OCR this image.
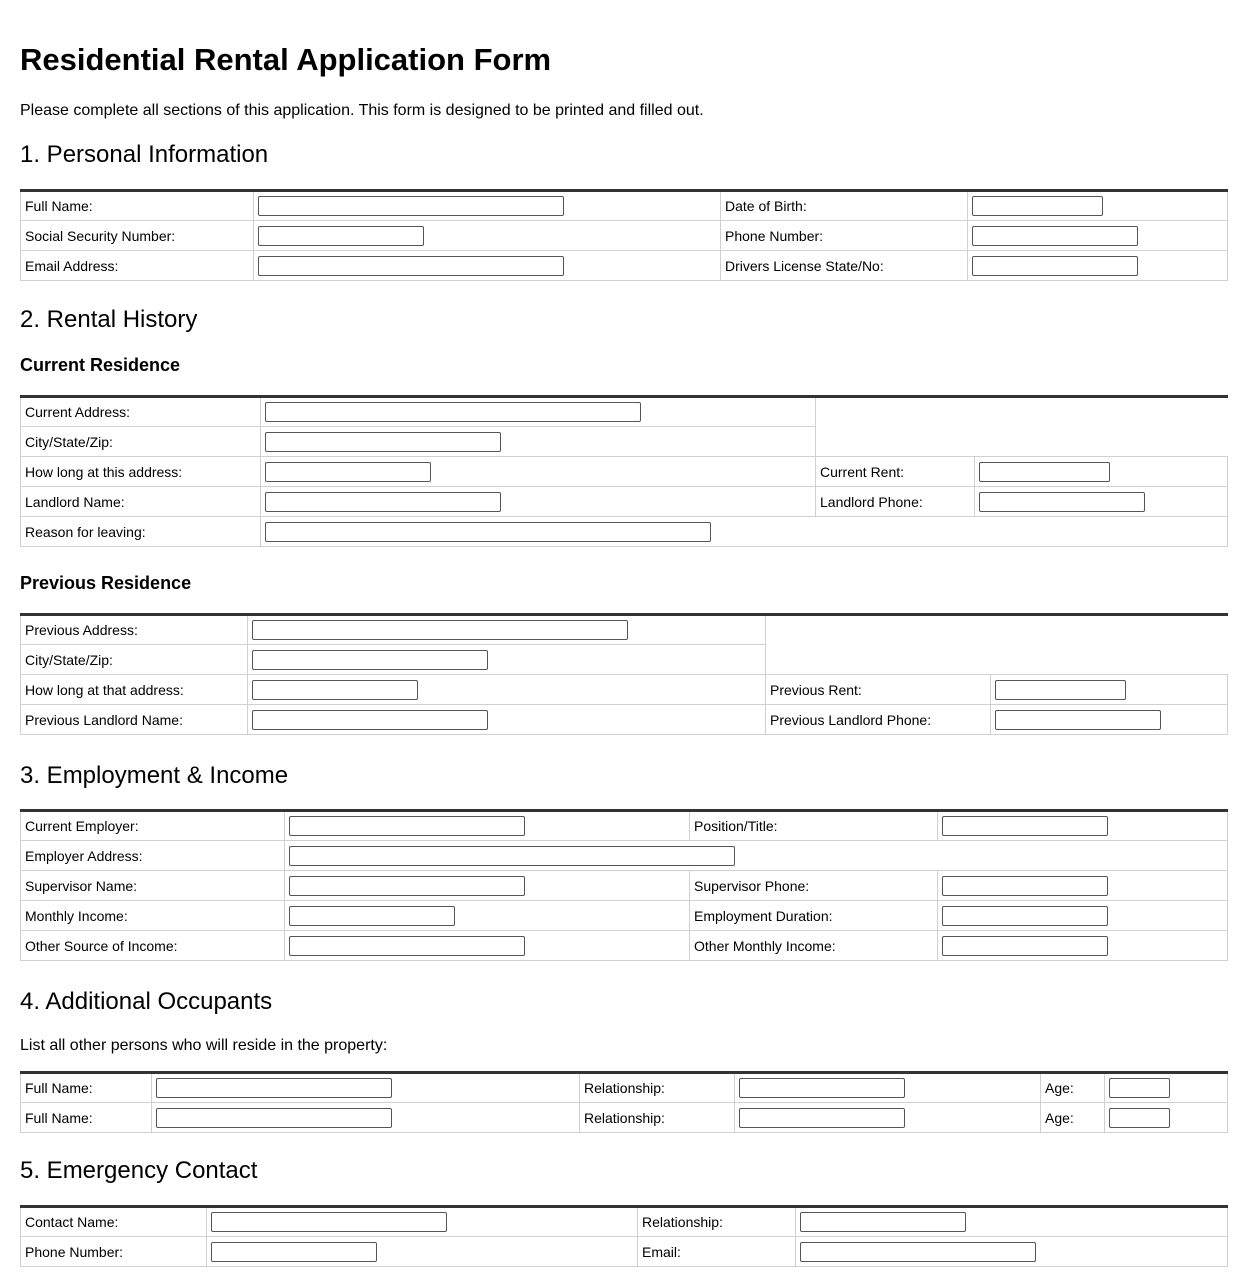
Residential Rental Application Form

Please complete all sections of this application. This form is designed to be printed and filled out.

1. Personal Information
Full Name:		Date of Birth:	

Social Security Number:		Phone Number:	

Email Address:		Drivers License State/No:	
2. Rental History
Current Residence
Current Address:		

City/State/Zip:		

How long at this address:		Current Rent:	

Landlord Name:		Landlord Phone:	

Reason for leaving:			
Previous Residence
Previous Address:		

City/State/Zip:		

How long at that address:		Previous Rent:	

Previous Landlord Name:		Previous Landlord Phone:	
3. Employment & Income
Current Employer:		Position/Title:	

Employer Address:			

Supervisor Name:		Supervisor Phone:	

Monthly Income:		Employment Duration:	

Other Source of Income:		Other Monthly Income:	
4. Additional Occupants

List all other persons who will reside in the property:

Full Name:		Relationship:		Age:	

Full Name:		Relationship:		Age:	
5. Emergency Contact
Contact Name:		Relationship:	

Phone Number:		Email:	
